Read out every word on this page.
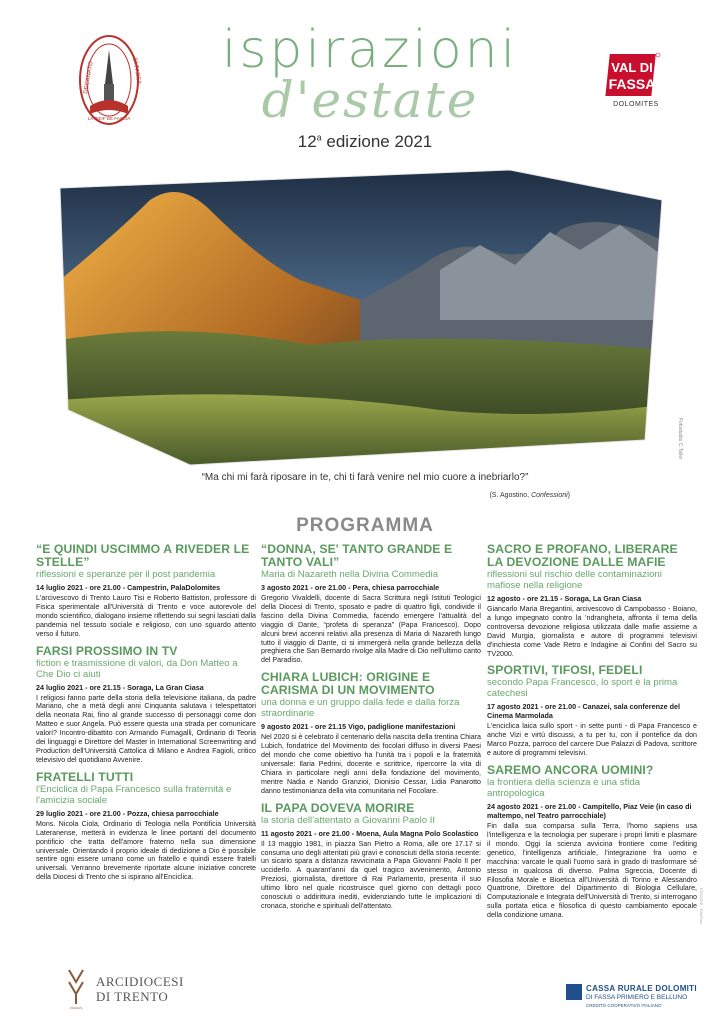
DECANATO	DI FASSA
LA PIEIF DE FASCIA
ispirazioni
d'estate
12$^a$ edizione 2021
VAL DI
FASSA
DOLOMITES
Fotostudio C.Tailer
“Ma chi mi farà riposare in te, chi ti farà venire nel mio cuore a inebriarlo?”
(S. Agostino, Confessioni)
PROGRAMMA
“E QUINDI USCIMMO A RIVEDER LE STELLE”
riflessioni e speranze per il post pandemia
14 luglio 2021 - ore 21.00 - Campestrin, PalaDolomites
L'arcivescovo di Trento Lauro Tisi e Roberto Battiston, professore di Fisica sperimentale all'Università di Trento e voce autorevole del mondo scientifico, dialogano insieme riflettendo sui segni lasciati dalla pandemia nel tessuto sociale e religioso, con uno sguardo attento verso il futuro.
FARSI PROSSIMO IN TV
fiction e trasmissione di valori, da Don Matteo a Che Dio ci aiuti
24 luglio 2021 - ore 21.15 - Soraga, La Gran Ciasa
I religiosi fanno parte della storia della televisione italiana, da padre Mariano, che a metà degli anni Cinquanta salutava i telespettatori della neonata Rai, fino al grande successo di personaggi come don Matteo e suor Angela. Può essere questa una strada per comunicare valori? Incontro-dibattito con Armando Fumagalli, Ordinario di Teoria dei linguaggi e Direttore del Master in International Screenwriting and Production dell'Università Cattolica di Milano e Andrea Fagioli, critico televisivo del quotidiano Avvenire.
FRATELLI TUTTI
l'Enciclica di Papa Francesco sulla fraternità e l'amicizia sociale
29 luglio 2021 - ore 21.00 - Pozza, chiesa parrocchiale
Mons. Nicola Ciola, Ordinario di Teologia nella Pontificia Università Lateranense, metterà in evidenza le linee portanti del documento pontificio che tratta dell'amore fraterno nella sua dimensione universale. Orientando il proprio ideale di dedizione a Dio è possibile sentire ogni essere umano come un fratello e quindi essere fratelli universali. Verranno brevemente riportate alcune iniziative concrete della Diocesi di Trento che si ispirano all'Enciclica.
“DONNA, SE' TANTO GRANDE E TANTO VALI”
Maria di Nazareth nella Divina Commedia
3 agosto 2021 - ore 21.00 - Pera, chiesa parrocchiale
Gregorio Vivaldelli, docente di Sacra Scrittura negli Istituti Teologici della Diocesi di Trento, sposato e padre di quattro figli, condivide il fascino della Divina Commedia, facendo emergere l'attualità del viaggio di Dante, “profeta di speranza” (Papa Francesco). Dopo alcuni brevi accenni relativi alla presenza di Maria di Nazareth lungo tutto il viaggio di Dante, ci si immergerà nella grande bellezza della preghiera che San Bernardo rivolge alla Madre di Dio nell'ultimo canto del Paradiso.
CHIARA LUBICH: ORIGINE E CARISMA DI UN MOVIMENTO
una donna e un gruppo dalla fede e dalla forza straordinarie
9 agosto 2021 - ore 21.15 Vigo, padiglione manifestazioni
Nel 2020 si è celebrato il centenario della nascita della trentina Chiara Lubich, fondatrice del Movimento dei focolari diffuso in diversi Paesi del mondo che come obiettivo ha l'unità tra i popoli e la fraternità universale: Ilaria Pedrini, docente e scrittrice, ripercorre la vita di Chiara in particolare negli anni della fondazione del movimento, mentre Nadia e Nando Granzioi, Dionisio Cessar, Lidia Panarotto danno testimonianza della vita comunitaria nel Focolare.
IL PAPA DOVEVA MORIRE
la storia dell'attentato a Giovanni Paolo II
11 agosto 2021 - ore 21.00 - Moena, Aula Magna Polo Scolastico
Il 13 maggio 1981, in piazza San Pietro a Roma, alle ore 17.17 si consuma uno degli attentati più gravi e conosciuti della storia recente: un sicario spara a distanza ravvicinata a Papa Giovanni Paolo II per ucciderlo. A quarant'anni da quel tragico avvenimento, Antonio Preziosi, giornalista, direttore di Rai Parlamento, presenta il suo ultimo libro nel quale ricostruisce quel giorno con dettagli poco conosciuti o addirittura inediti, evidenziando tutte le implicazioni di cronaca, storiche e spirituali dell'attentato.
SACRO E PROFANO, LIBERARE LA DEVOZIONE DALLE MAFIE
riflessioni sul rischio delle contaminazioni mafiose nella religione
12 agosto - ore 21.15 - Soraga, La Gran Ciasa
Giancarlo Maria Bregantini, arcivescovo di Campobasso - Boiano, a lungo impegnato contro la 'ndrangheta, affronta il tema della controversa devozione religiosa utilizzata dalle mafie assieme a David Murgia, giornalista e autore di programmi televisivi d'inchiesta come Vade Retro e Indagine ai Confini del Sacro su TV2000.
SPORTIVI, TIFOSI, FEDELI
secondo Papa Francesco, lo sport è la prima catechesi
17 agosto 2021 - ore 21.00 - Canazei, sala conferenze del Cinema Marmolada
L'enciclica laica sullo sport - in sette punti - di Papa Francesco e anche Vizi e virtù discussi, a tu per tu, con il pontefice da don Marco Pozza, parroco del carcere Due Palazzi di Padova, scrittore e autore di programmi televisivi.
SAREMO ANCORA UOMINI?
la frontiera della scienza è una sfida antropologica
24 agosto 2021 - ore 21.00 - Campitello, Piaz Veie (in caso di maltempo, nel Teatro parrocchiale)
Fin dalla sua comparsa sulla Terra, l'homo sapiens usa l'intelligenza e la tecnologia per superare i propri limiti e plasmare il mondo. Oggi la scienza avvicina frontiere come l'editing genetico, l'intelligenza artificiale, l'integrazione fra uomo e macchina: varcate le quali l'uomo sarà in grado di trasformare sé stesso in qualcosa di diverso. Palma Sgreccia, Docente di Filosofia Morale e Bioetica all'Università di Torino e Alessandro Quattrone, Direttore del Dipartimento di Biologia Cellulare, Computazionale e Integrata dell'Università di Trento, si interrogano sulla portata etica e filosofica di questo cambiamento epocale della condizione umana.
VIGILIUS
ARCIDIOCESI
DI TRENTO
CASSA RURALE DOLOMITI
DI FASSA PRIMIERO E BELLUNO
CREDITO COOPERATIVO ITALIANO
EDIZIONI - RimRom
